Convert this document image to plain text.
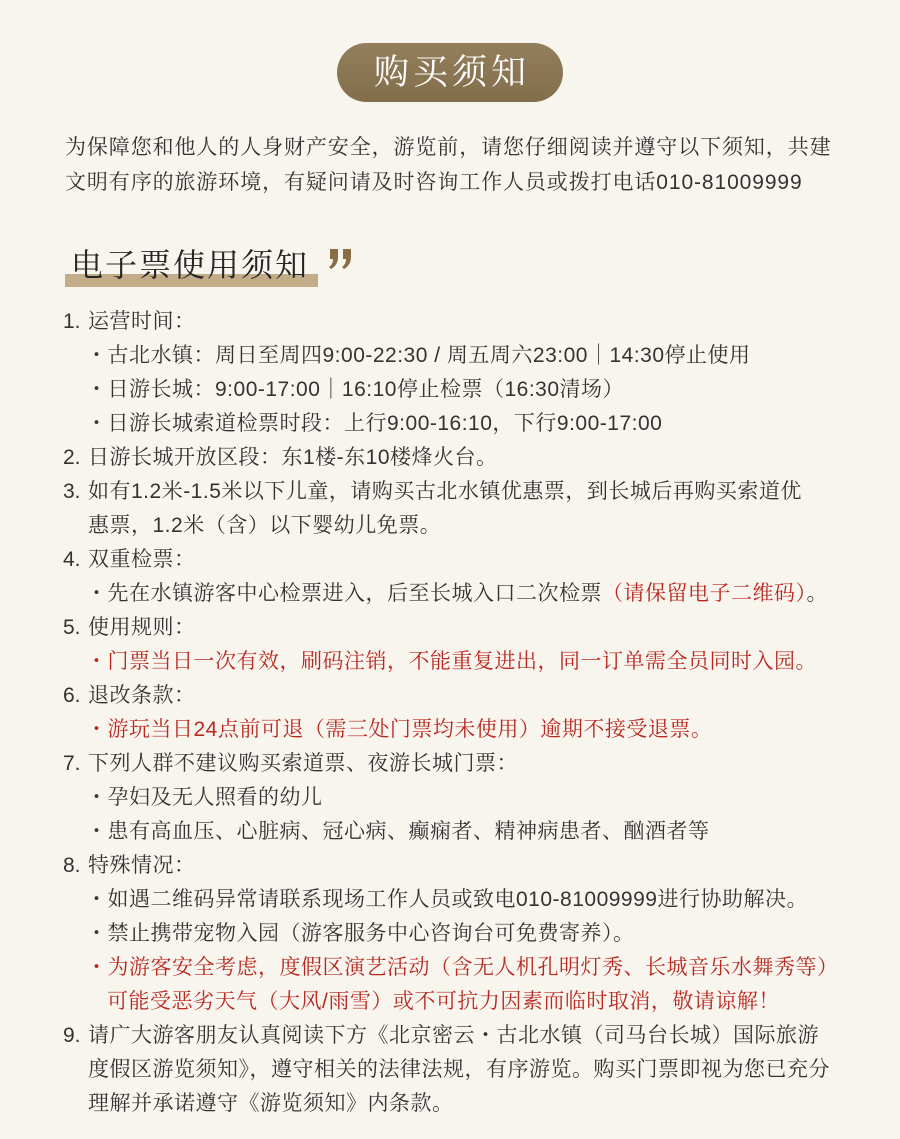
购买须知
为保障您和他人的人身财产安全，游览前，请您仔细阅读并遵守以下须知，共建
文明有序的旅游环境，有疑问请及时咨询工作人员或拨打电话010-81009999
电子票使用须知
1. 运营时间：
・古北水镇：周日至周四9:00-22:30 / 周五周六23:00｜14:30停止使用
・日游长城：9:00-17:00｜16:10停止检票（16:30清场）
・日游长城索道检票时段：上行9:00-16:10，下行9:00-17:00
2. 日游长城开放区段：东1楼-东10楼烽火台。
3. 如有1.2米-1.5米以下儿童，请购买古北水镇优惠票，到长城后再购买索道优
惠票，1.2米（含）以下婴幼儿免票。
4. 双重检票：
・先在水镇游客中心检票进入，后至长城入口二次检票（请保留电子二维码）。
5. 使用规则：
・门票当日一次有效，刷码注销，不能重复进出，同一订单需全员同时入园。
6. 退改条款：
・游玩当日24点前可退（需三处门票均未使用）逾期不接受退票。
7. 下列人群不建议购买索道票、夜游长城门票：
・孕妇及无人照看的幼儿
・患有高血压、心脏病、冠心病、癫痫者、精神病患者、酗酒者等
8. 特殊情况：
・如遇二维码异常请联系现场工作人员或致电010-81009999进行协助解决。
・禁止携带宠物入园（游客服务中心咨询台可免费寄养）。
・为游客安全考虑，度假区演艺活动（含无人机孔明灯秀、长城音乐水舞秀等）
可能受恶劣天气（大风/雨雪）或不可抗力因素而临时取消，敬请谅解！
9. 请广大游客朋友认真阅读下方《北京密云・古北水镇（司马台长城）国际旅游
度假区游览须知》，遵守相关的法律法规，有序游览。购买门票即视为您已充分
理解并承诺遵守《游览须知》内条款。
